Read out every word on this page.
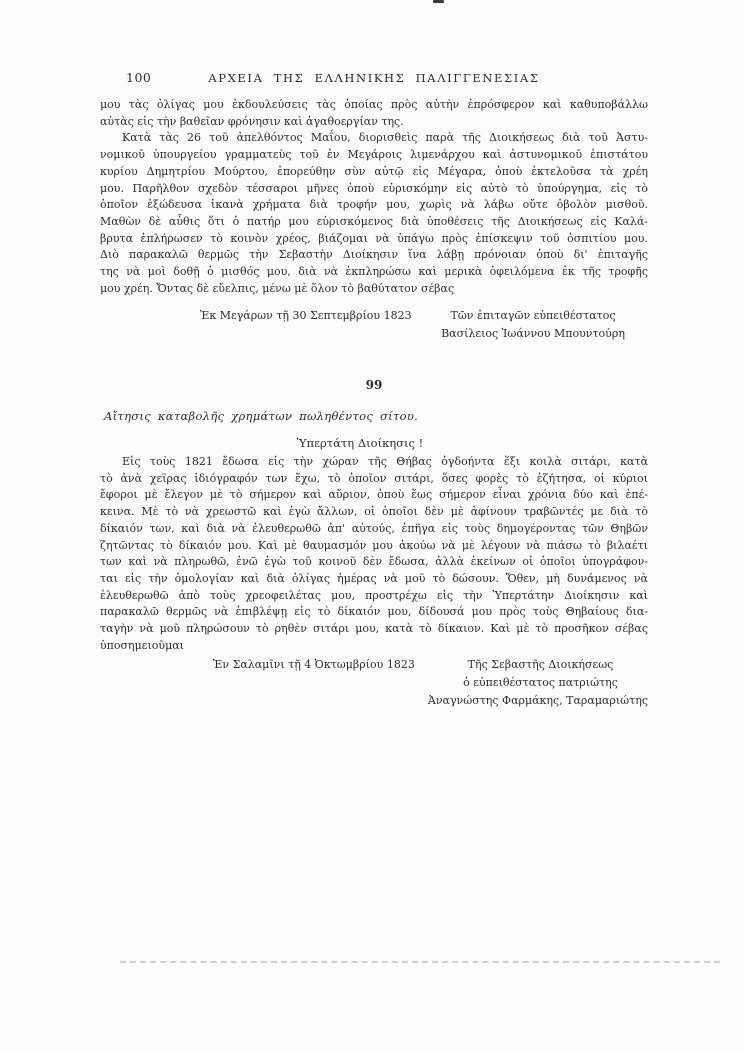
100	ΑΡΧΕΙΑ ΤΗΣ ΕΛΛΗΝΙΚΗΣ ΠΑΛΙΓΓΕΝΕΣΙΑΣ
μου τὰς ὀλίγας μου ἐκδουλεύσεις τὰς ὁποίας πρὸς αὐτὴν ἐπρόσφερον καὶ καθυποβάλλω
αὐτὰς εἰς τὴν βαθεῖαν φρόνησιν καὶ ἀγαθοεργίαν της.
Κατὰ τὰς 26 τοῦ ἀπελθόντος Μαΐου, διορισθεὶς παρὰ τῆς Διοικήσεως διὰ τοῦ Ἀστυ-
νομικοῦ ὑπουργείου γραμματεὺς τοῦ ἐν Μεγάροις λιμενάρχου καὶ ἀστυνομικοῦ ἐπιστάτου
κυρίου Δημητρίου Μούρτου, ἐπορεύθην σὺν αὐτῷ εἰς Μέγαρα, ὁποὺ ἐκτελοῦσα τὰ χρέη
μου. Παρῆλθον σχεδὸν τέσσαροι μῆνες ὁποὺ εὑρισκόμην εἰς αὐτὸ τὸ ὑπούργημα, εἰς τὸ
ὁποῖον ἐξώδευσα ἱκανὰ χρήματα διὰ τροφήν μου, χωρὶς νὰ λάβω οὔτε ὀβολὸν μισθοῦ.
Μαθὼν δὲ αὖθις ὅτι ὁ πατήρ μου εὑρισκόμενος διὰ ὑποθέσεις τῆς Διοικήσεως εἰς Καλά-
βρυτα ἐπλήρωσεν τὸ κοινὸν χρέος, βιάζομαι νὰ ὑπάγω πρὸς ἐπίσκεψιν τοῦ ὁσπιτίου μου.
Διὸ παρακαλῶ θερμῶς τὴν Σεβαστὴν Διοίκησιν ἵνα λάβῃ πρόνοιαν ὁποὺ δι' ἐπιταγῆς
της νὰ μοὶ δοθῇ ὁ μισθός μου, διὰ νὰ ἐκπληρώσω καὶ μερικὰ ὀφειλόμενα ἐκ τῆς τροφῆς
μου χρέη. Ὄντας δὲ εὔελπις, μένω μὲ ὅλον τὸ βαθύτατον σέβας
Ἐκ Μεγάρων τῇ 30 Σεπτεμβρίου 1823	Τῶν ἐπιταγῶν εὐπειθέστατος
Βασίλειος Ἰωάννου Μπουντούρη
99
Αἴτησις καταβολῆς χρημάτων πωληθέντος σίτου.
Ὑπερτάτη Διοίκησις !
Εἰς τοὺς 1821 ἔδωσα εἰς τὴν χώραν τῆς Θήβας ὀγδοήντα ἕξι κοιλὰ σιτάρι, κατὰ
τὸ ἀνὰ χεῖρας ἰδιόγραφόν των ἔχω, τὸ ὁποῖον σιτάρι, ὅσες φορὲς τὸ ἐζήτησα, οἱ κύριοι
ἔφοροι μὲ ἔλεγον μὲ τὸ σήμερον καὶ αὔριον, ὁποὺ ἕως σήμερον εἶναι χρόνια δύο καὶ ἐπέ-
κεινα. Μὲ τὸ νὰ χρεωστῶ καὶ ἐγὼ ἄλλων, οἱ ὁποῖοι δὲν μὲ ἀφίνουν τραβῶντές με διὰ τὸ
δίκαιόν των, καὶ διὰ νὰ ἐλευθερωθῶ ἀπ' αὐτούς, ἐπῆγα εἰς τοὺς δημογέροντας τῶν Θηβῶν
ζητῶντας τὸ δίκαιόν μου. Καὶ μὲ θαυμασμόν μου ἀκούω νὰ μὲ λέγουν νὰ πιάσω τὸ βιλαέτι
των καὶ νὰ πληρωθῶ, ἐνῶ ἐγὼ τοῦ κοινοῦ δὲν ἔδωσα, ἀλλὰ ἐκείνων οἱ ὁποῖοι ὑπογράφον-
ται εἰς τὴν ὁμολογίαν καὶ διὰ ὀλίγας ἡμέρας νὰ μοῦ τὸ δώσουν. Ὅθεν, μὴ δυνάμενος νὰ
ἐλευθερωθῶ ἀπὸ τοὺς χρεοφειλέτας μου, προστρέχω εἰς τὴν Ὑπερτάτην Διοίκησιν καὶ
παρακαλῶ θερμῶς νὰ ἐπιβλέψῃ εἰς τὸ δίκαιόν μου, δίδουσά μου πρὸς τοὺς Θηβαίους δια-
ταγὴν νὰ μοῦ πληρώσουν τὸ ρηθὲν σιτάρι μου, κατὰ τὸ δίκαιον. Καὶ μὲ τὸ προσῆκον σέβας
ὑποσημειοῦμαι
Ἐν Σαλαμῖνι τῇ 4 Ὀκτωμβρίου 1823	Τῆς Σεβαστῆς Διοικήσεως
ὁ εὐπειθέστατος πατριώτης
Ἀναγνώστης Φαρμάκης, Ταραμαριώτης
